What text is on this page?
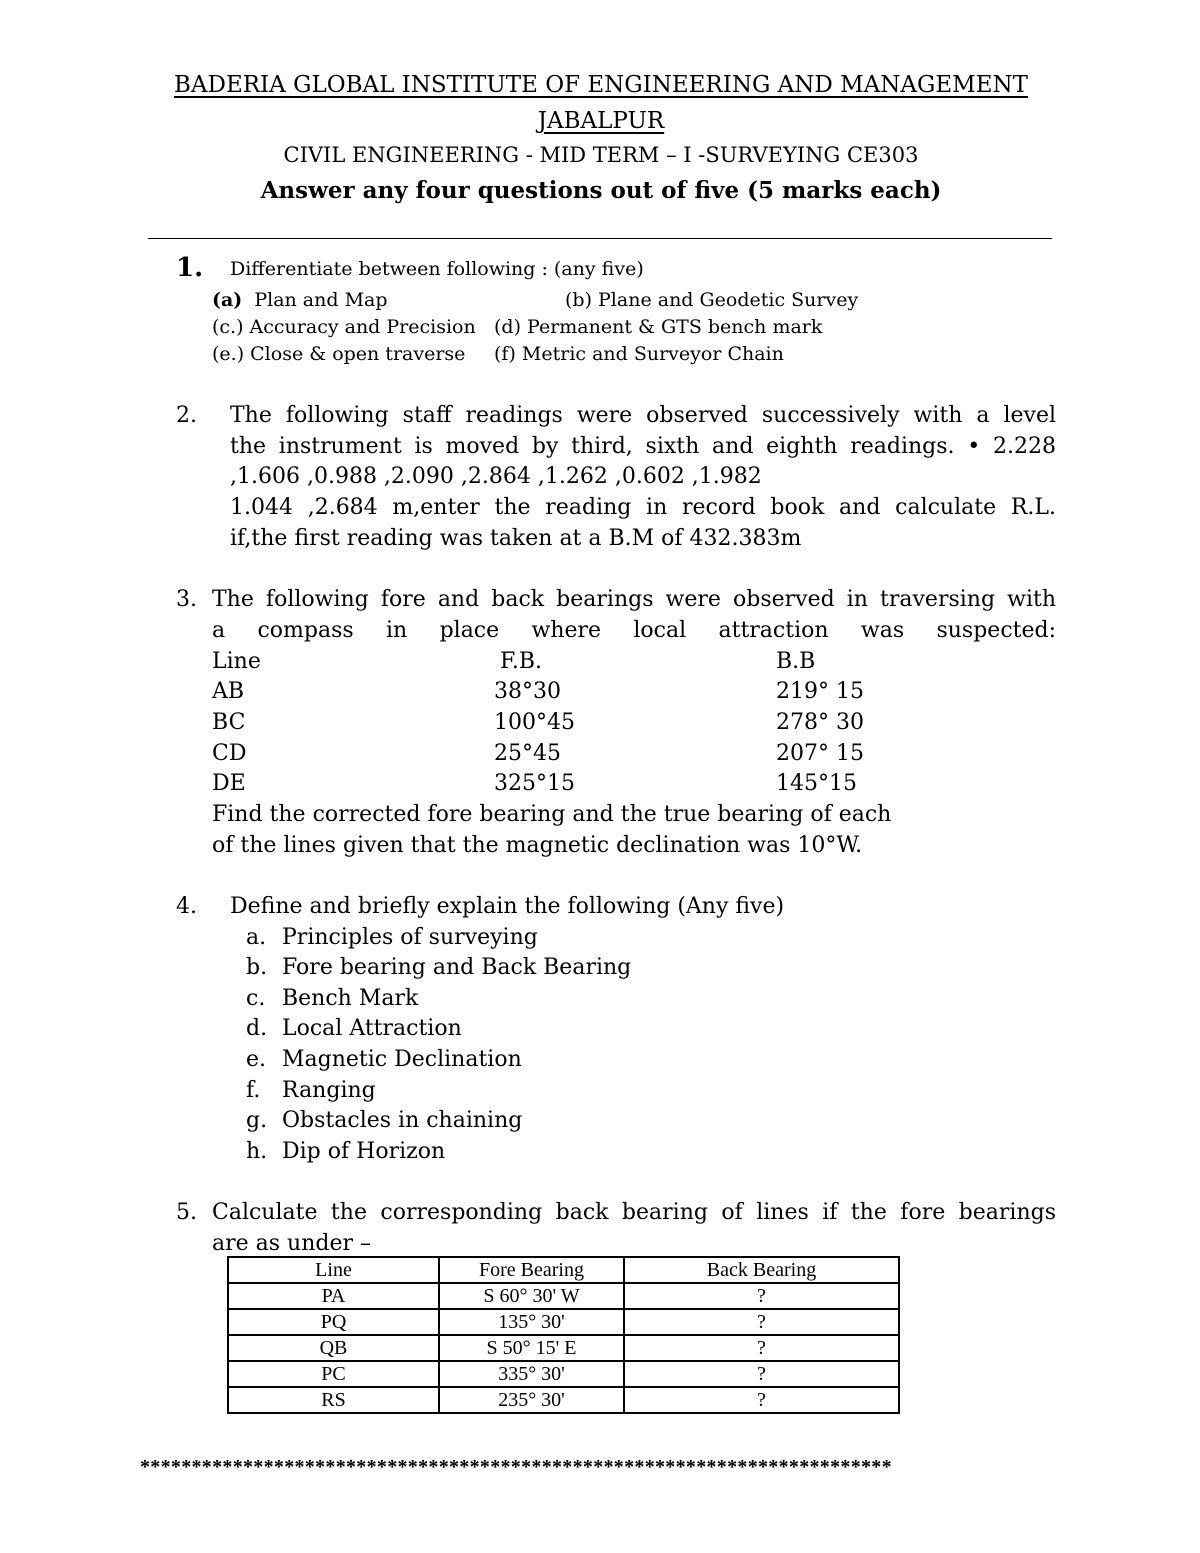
BADERIA GLOBAL INSTITUTE OF ENGINEERING AND MANAGEMENT
JABALPUR
CIVIL ENGINEERING - MID TERM – I -SURVEYING CE303
Answer any four questions out of five (5 marks each)
1. Differentiate between following : (any five)
(a) Plan and Map	(b) Plane and Geodetic Survey
(c.) Accuracy and Precision (d) Permanent & GTS bench mark
(e.) Close & open traverse (f) Metric and Surveyor Chain
2. The following staff readings were observed successively with a level
the instrument is moved by third, sixth and eighth readings. • 2.228
,1.606 ,0.988 ,2.090 ,2.864 ,1.262 ,0.602 ,1.982
1.044 ,2.684 m,enter the reading in record book and calculate R.L.
if,the first reading was taken at a B.M of 432.383m
3. The following fore and back bearings were observed in traversing with
a compass in place where local attraction was suspected:
Line	F.B.	B.B
AB	38°30	219° 15
BC	100°45	278° 30
CD	25°45	207° 15
DE	325°15	145°15
Find the corrected fore bearing and the true bearing of each
of the lines given that the magnetic declination was 10°W.
4. Define and briefly explain the following (Any five)
a. Principles of surveying
b. Fore bearing and Back Bearing
c. Bench Mark
d. Local Attraction
e. Magnetic Declination
f. Ranging
g. Obstacles in chaining
h. Dip of Horizon
5. Calculate the corresponding back bearing of lines if the fore bearings
are as under –
Line	Fore Bearing	Back Bearing
PA	S 60° 30' W	?
PQ	135° 30'	?
QB	S 50° 15' E	?
PC	335° 30'	?
RS	235° 30'	?
*************************************************************************
